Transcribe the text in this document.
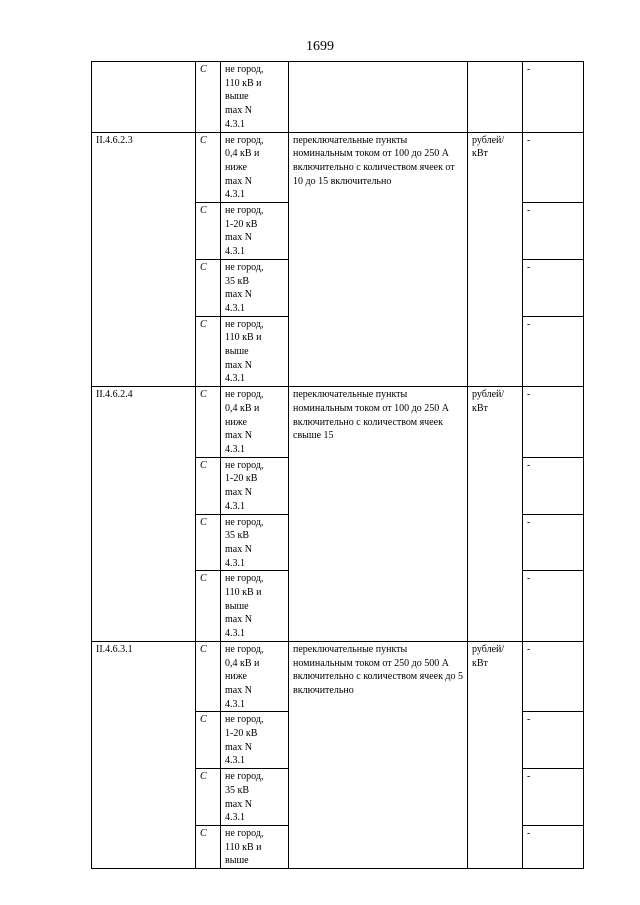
1699
	С	не город,
110 кВ и
выше
max N
4.3.1			-
II.4.6.2.3	С	не город,
0,4 кВ и
ниже
max N
4.3.1	переключательные пункты номинальным током от 100 до 250 А включительно с количеством ячеек от 10 до 15 включительно	рублей/
кВт	-
	С	не город,
1-20 кВ
max N
4.3.1			-
	С	не город,
35 кВ
max N
4.3.1			-
	С	не город,
110 кВ и
выше
max N
4.3.1			-
II.4.6.2.4	С	не город,
0,4 кВ и
ниже
max N
4.3.1	переключательные пункты номинальным током от 100 до 250 А включительно с количеством ячеек свыше 15	рублей/
кВт	-
	С	не город,
1-20 кВ
max N
4.3.1			-
	С	не город,
35 кВ
max N
4.3.1			-
	С	не город,
110 кВ и
выше
max N
4.3.1			-
II.4.6.3.1	С	не город,
0,4 кВ и
ниже
max N
4.3.1	переключательные пункты номинальным током от 250 до 500 А включительно с количеством ячеек до 5 включительно	рублей/
кВт	-
	С	не город,
1-20 кВ
max N
4.3.1			-
	С	не город,
35 кВ
max N
4.3.1			-
	С	не город,
110 кВ и
выше			-
